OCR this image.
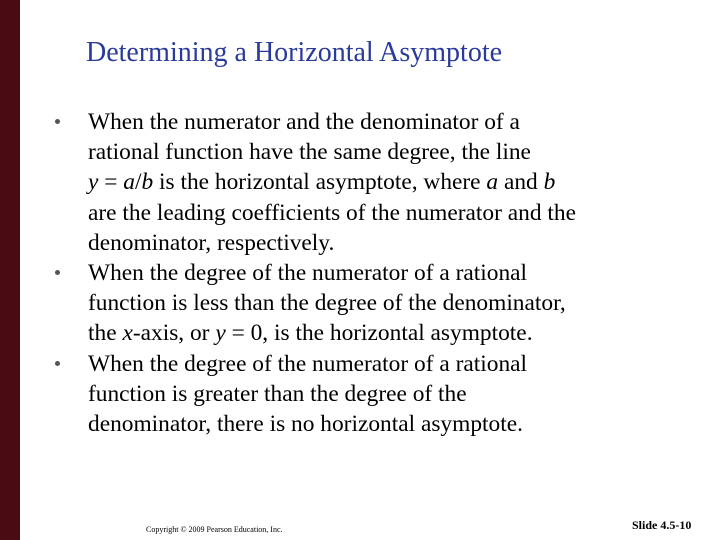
Determining a Horizontal Asymptote
When the numerator and the denominator of a
rational function have the same degree, the line
y = a/b is the horizontal asymptote, where a and b
are the leading coefficients of the numerator and the
denominator, respectively.
When the degree of the numerator of a rational
function is less than the degree of the denominator,
the x-axis, or y = 0, is the horizontal asymptote.
When the degree of the numerator of a rational
function is greater than the degree of the
denominator, there is no horizontal asymptote.
Copyright © 2009 Pearson Education, Inc.	Slide 4.5-10
